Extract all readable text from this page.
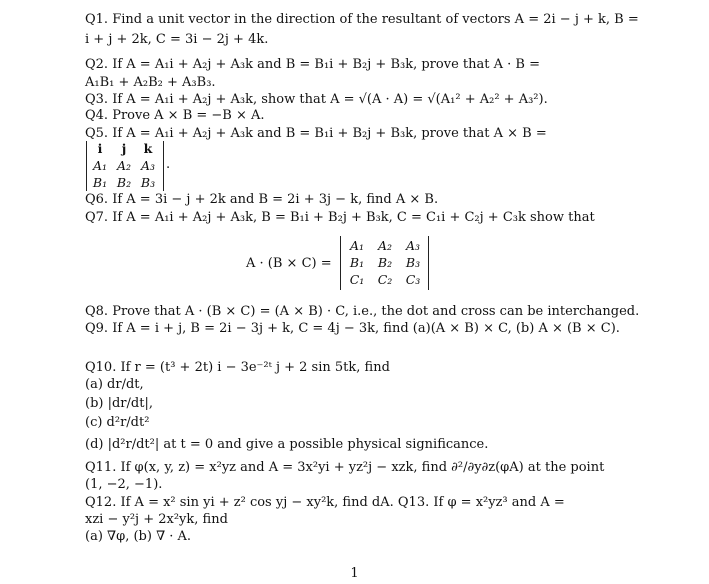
Q1. Find a unit vector in the direction of the resultant of vectors A = 2i − j + k, B =
i + j + 2k, C = 3i − 2j + 4k.
Q2. If A = A₁i + A₂j + A₃k and B = B₁i + B₂j + B₃k, prove that A · B =
A₁B₁ + A₂B₂ + A₃B₃.
Q3. If A = A₁i + A₂j + A₃k, show that A = √(A · A) = √(A₁² + A₂² + A₃²).
Q4. Prove A × B = −B × A.
Q5. If A = A₁i + A₂j + A₃k and B = B₁i + B₂j + B₃k, prove that A × B =
i	j	k
A₁ A₂ A₃
B₁ B₂ B₃
.
Q6. If A = 3i − j + 2k and B = 2i + 3j − k, find A × B.
Q7. If A = A₁i + A₂j + A₃k, B = B₁i + B₂j + B₃k, C = C₁i + C₂j + C₃k show that
A · (B × C) =
A₁	A₂	A₃
B₁	B₂	B₃
C₁	C₂	C₃
Q8. Prove that A · (B × C) = (A × B) · C, i.e., the dot and cross can be interchanged.
Q9. If A = i + j, B = 2i − 3j + k, C = 4j − 3k, find (a)(A × B) × C, (b) A × (B × C).
Q10. If r = (t³ + 2t) i − 3e⁻²ᵗ j + 2 sin 5tk, find
(a) dr/dt,
(b) |dr/dt|,
(c) d²r/dt²
(d) |d²r/dt²| at t = 0 and give a possible physical significance.
Q11. If φ(x, y, z) = x²yz and A = 3x²yi + yz²j − xzk, find ∂²/∂y∂z(φA) at the point
(1, −2, −1).
Q12. If A = x² sin yi + z² cos yj − xy²k, find dA. Q13. If φ = x²yz³ and A =
xzi − y²j + 2x²yk, find
(a) ∇φ, (b) ∇ · A.
1
